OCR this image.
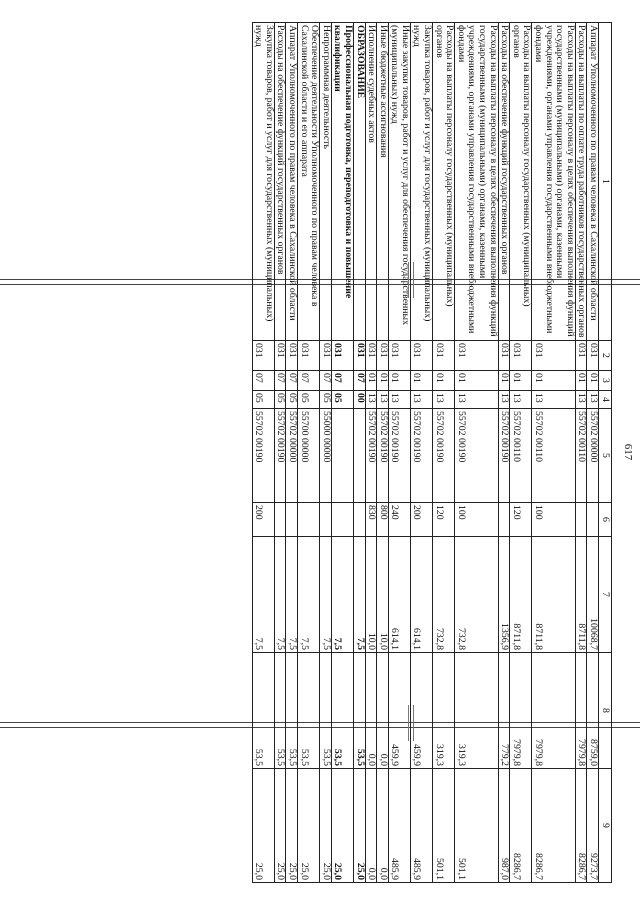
617
1	2	3	4	5	6	7	8	9
Аппарат Уполномоченного по правам человека в Сахалинской области	031	01	13	55702 00000		10068,7	8759,0	9273,7
Расходы на выплаты по оплате труда работников государственных органов	031	01	13	55702 00110		8711,8	7979,8	8286,7
Расходы на выплаты персоналу в целях обеспечения выполнения функций государственными (муниципальными) органами, казенными учреждениями, органами управления государственными внебюджетными фондами	031	01	13	55702 00110	100	8711,8	7979,8	8286,7
Расходы на выплаты персоналу государственных (муниципальных) органов	031	01	13	55702 00110	120	8711,8	7979,8	8286,7
Расходы на обеспечение функций государственных органов	031	01	13	55702 00190		1356,9	779,2	987,0
Расходы на выплаты персоналу в целях обеспечения выполнения функций государственными (муниципальными) органами, казенными учреждениями, органами управления государственными внебюджетными фондами	031	01	13	55702 00190	100	732,8	319,3	501,1
Расходы на выплаты персоналу государственных (муниципальных) органов	031	01	13	55702 00190	120	732,8	319,3	501,1
Закупка товаров, работ и услуг для государственных (муниципальных) нужд	031	01	13	55702 00190	200	614,1	459,9	485,9
Иные закупки товаров, работ и услуг для обеспечения государственных (муниципальных) нужд	031	01	13	55702 00190	240	614,1	459,9	485,9
Иные бюджетные ассигнования	031	01	13	55702 00190	800	10,0	0,0	0,0
Исполнение судебных актов	031	01	13	55702 00190	830	10,0	0,0	0,0
ОБРАЗОВАНИЕ	031	07	00			7,5	53,5	25,0
Профессиональная подготовка, переподготовка и повышение квалификации	031	07	05			7,5	53,5	25,0
Непрограммная деятельность	031	07	05	55000 00000		7,5	53,5	25,0
Обеспечение деятельности Уполномоченного по правам человека в Сахалинской области и его аппарата	031	07	05	55700 00000		7,5	53,5	25,0
Аппарат Уполномоченного по правам человека в Сахалинской области	031	07	05	55702 00000		7,5	53,5	25,0
Расходы на обеспечение функций государственных органов	031	07	05	55702 00190		7,5	53,5	25,0
Закупка товаров, работ и услуг для государственных (муниципальных) нужд	031	07	05	55702 00190	200	7,5	53,5	25,0
